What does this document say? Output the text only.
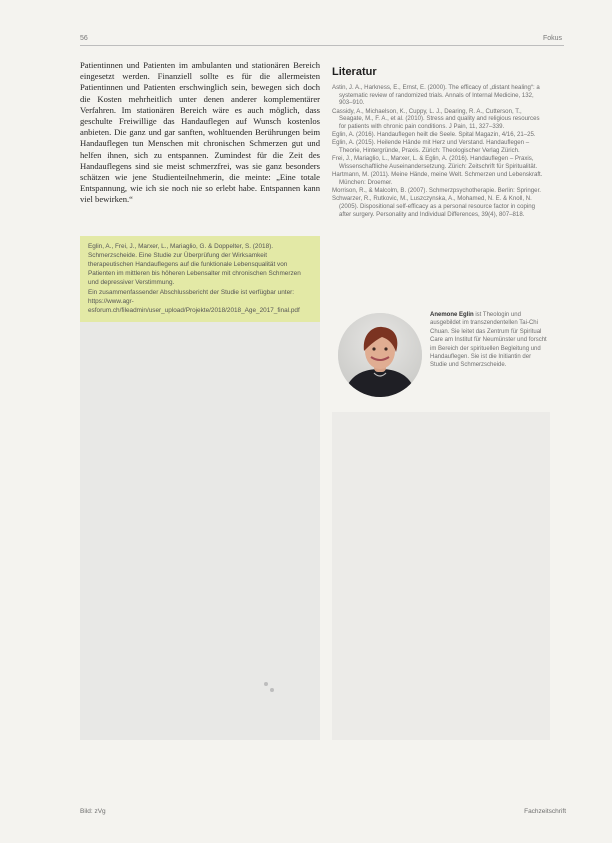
56	Fokus
Patientinnen und Patienten im ambulanten und stationären Bereich eingesetzt werden. Finanziell sollte es für die allermeisten Patientinnen und Patienten erschwinglich sein, bewegen sich doch die Kosten mehrheitlich unter denen anderer komplementärer Verfahren. Im stationären Bereich wäre es auch möglich, dass geschulte Freiwillige das Handauflegen auf Wunsch kostenlos anbieten. Die ganz und gar sanften, wohltuenden Berührungen beim Handauflegen tun Menschen mit chronischen Schmerzen gut und helfen ihnen, sich zu entspannen. Zumindest für die Zeit des Handauflegens sind sie meist schmerzfrei, was sie ganz besonders schätzen wie jene Studienteilnehmerin, die meinte: „Eine totale Entspannung, wie ich sie noch nie so erlebt habe. Entspannen kann viel bewirken.“

Eglin, A., Frei, J., Marxer, L., Mariaglio, G. & Doppelter, S. (2018). Schmerzscheide. Eine Studie zur Überprüfung der Wirksamkeit therapeutischen Handauflegens auf die funktionale Lebensqualität von Patienten im mittleren bis höheren Lebensalter mit chronischen Schmerzen und depressiver Verstimmung.

Ein zusammenfassender Abschlussbericht der Studie ist verfügbar unter: https://www.agr-esforum.ch/fileadmin/user_upload/Projekte/2018/2018_Age_2017_final.pdf

Literatur
Astin, J. A., Harkness, E., Ernst, E. (2000). The efficacy of „distant healing“: a systematic review of randomized trials. Annals of Internal Medicine, 132, 903–910.
Cassidy, A., Michaelson, K., Cuppy, L. J., Dearing, R. A., Cutterson, T., Seagate, M., F. A., et al. (2010). Stress and quality and religious resources for patients with chronic pain conditions. J Pain, 11, 327–339.
Eglin, A. (2016). Handauflegen heilt die Seele. Spital Magazin, 4/16, 21–25.
Eglin, A. (2015). Heilende Hände mit Herz und Verstand. Handauflegen – Theorie, Hintergründe, Praxis. Zürich: Theologischer Verlag Zürich.
Frei, J., Mariaglio, L., Marxer, L. & Eglin, A. (2016). Handauflegen – Praxis, Wissenschaftliche Auseinandersetzung. Zürich: Zeitschrift für Spiritualität.
Hartmann, M. (2011). Meine Hände, meine Welt. Schmerzen und Lebenskraft. München: Droemer.
Morrison, R., & Malcolm, B. (2007). Schmerzpsychotherapie. Berlin: Springer.
Schwarzer, R., Rutkovic, M., Luszczynska, A., Mohamed, N. E. & Knoll, N. (2005). Dispositional self-efficacy as a personal resource factor in coping after surgery. Personality and Individual Differences, 39(4), 807–818.
Anemone Eglin ist Theologin und ausgebildet im transzendentellen Tai-Chi Chuan. Sie leitet das Zentrum für Spiritual Care am Institut für Neumünster und forscht im Bereich der spirituellen Begleitung und Handauflegen. Sie ist die Initiantin der Studie und Schmerzscheide.
Bild: zVg	Fachzeitschrift
